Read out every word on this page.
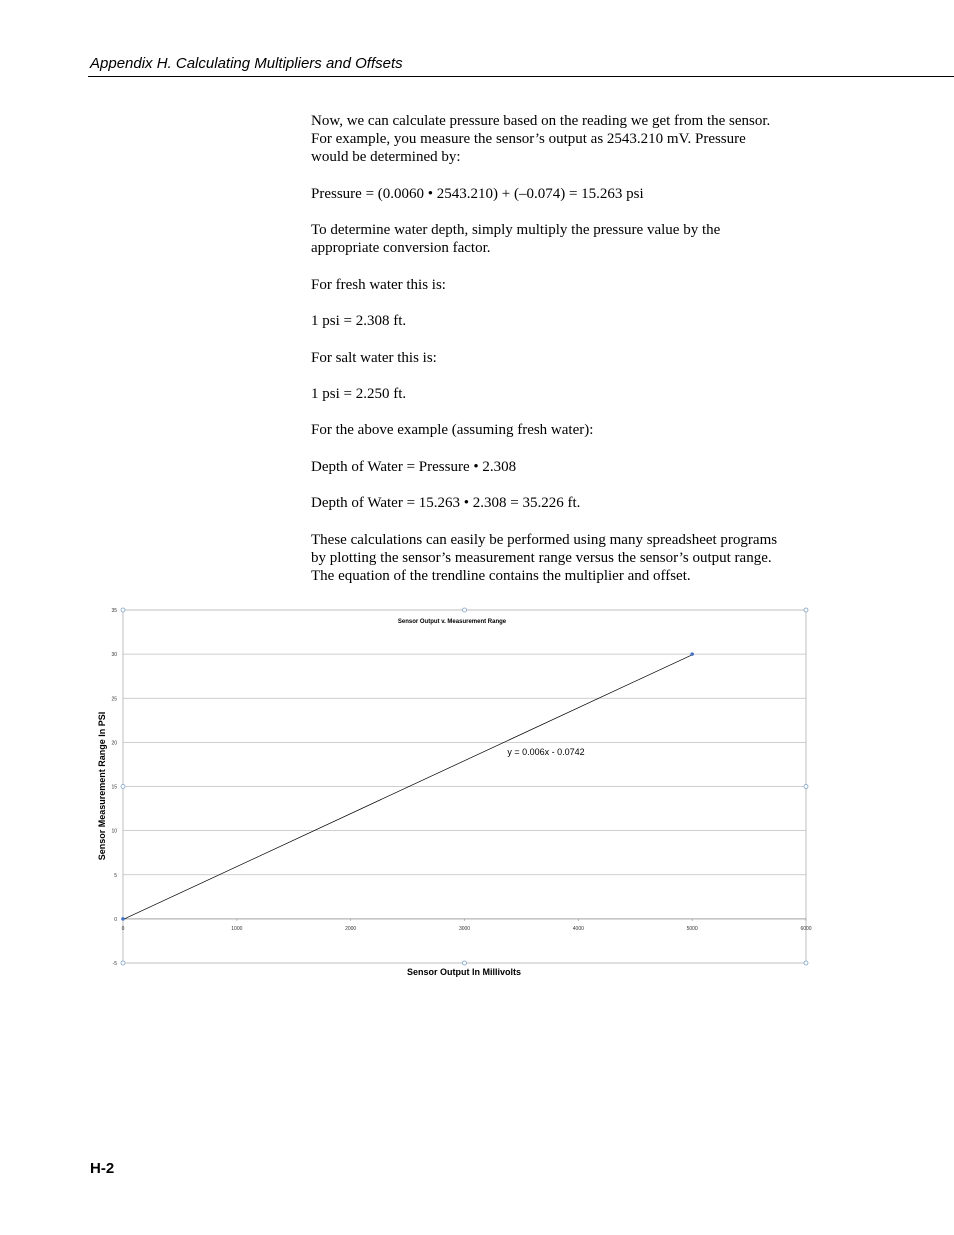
Appendix H. Calculating Multipliers and Offsets

Now, we can calculate pressure based on the reading we get from the sensor.
For example, you measure the sensor’s output as 2543.210 mV. Pressure
would be determined by:

Pressure = (0.0060 • 2543.210) + (–0.074) = 15.263 psi

To determine water depth, simply multiply the pressure value by the
appropriate conversion factor.

For fresh water this is:

1 psi = 2.308 ft.

For salt water this is:

1 psi = 2.250 ft.

For the above example (assuming fresh water):

Depth of Water = Pressure • 2.308

Depth of Water = 15.263 • 2.308 = 35.226 ft.

These calculations can easily be performed using many spreadsheet programs
by plotting the sensor’s measurement range versus the sensor’s output range.
The equation of the trendline contains the multiplier and offset.

-5
0
5
10
15
20
25
30
35
0	1000	2000	3000	4000	5000	6000
Sensor Output v. Measurement Range
y = 0.006x - 0.0742
Sensor Output In Millivolts
Sensor Measurement Range In PSI
H-2
